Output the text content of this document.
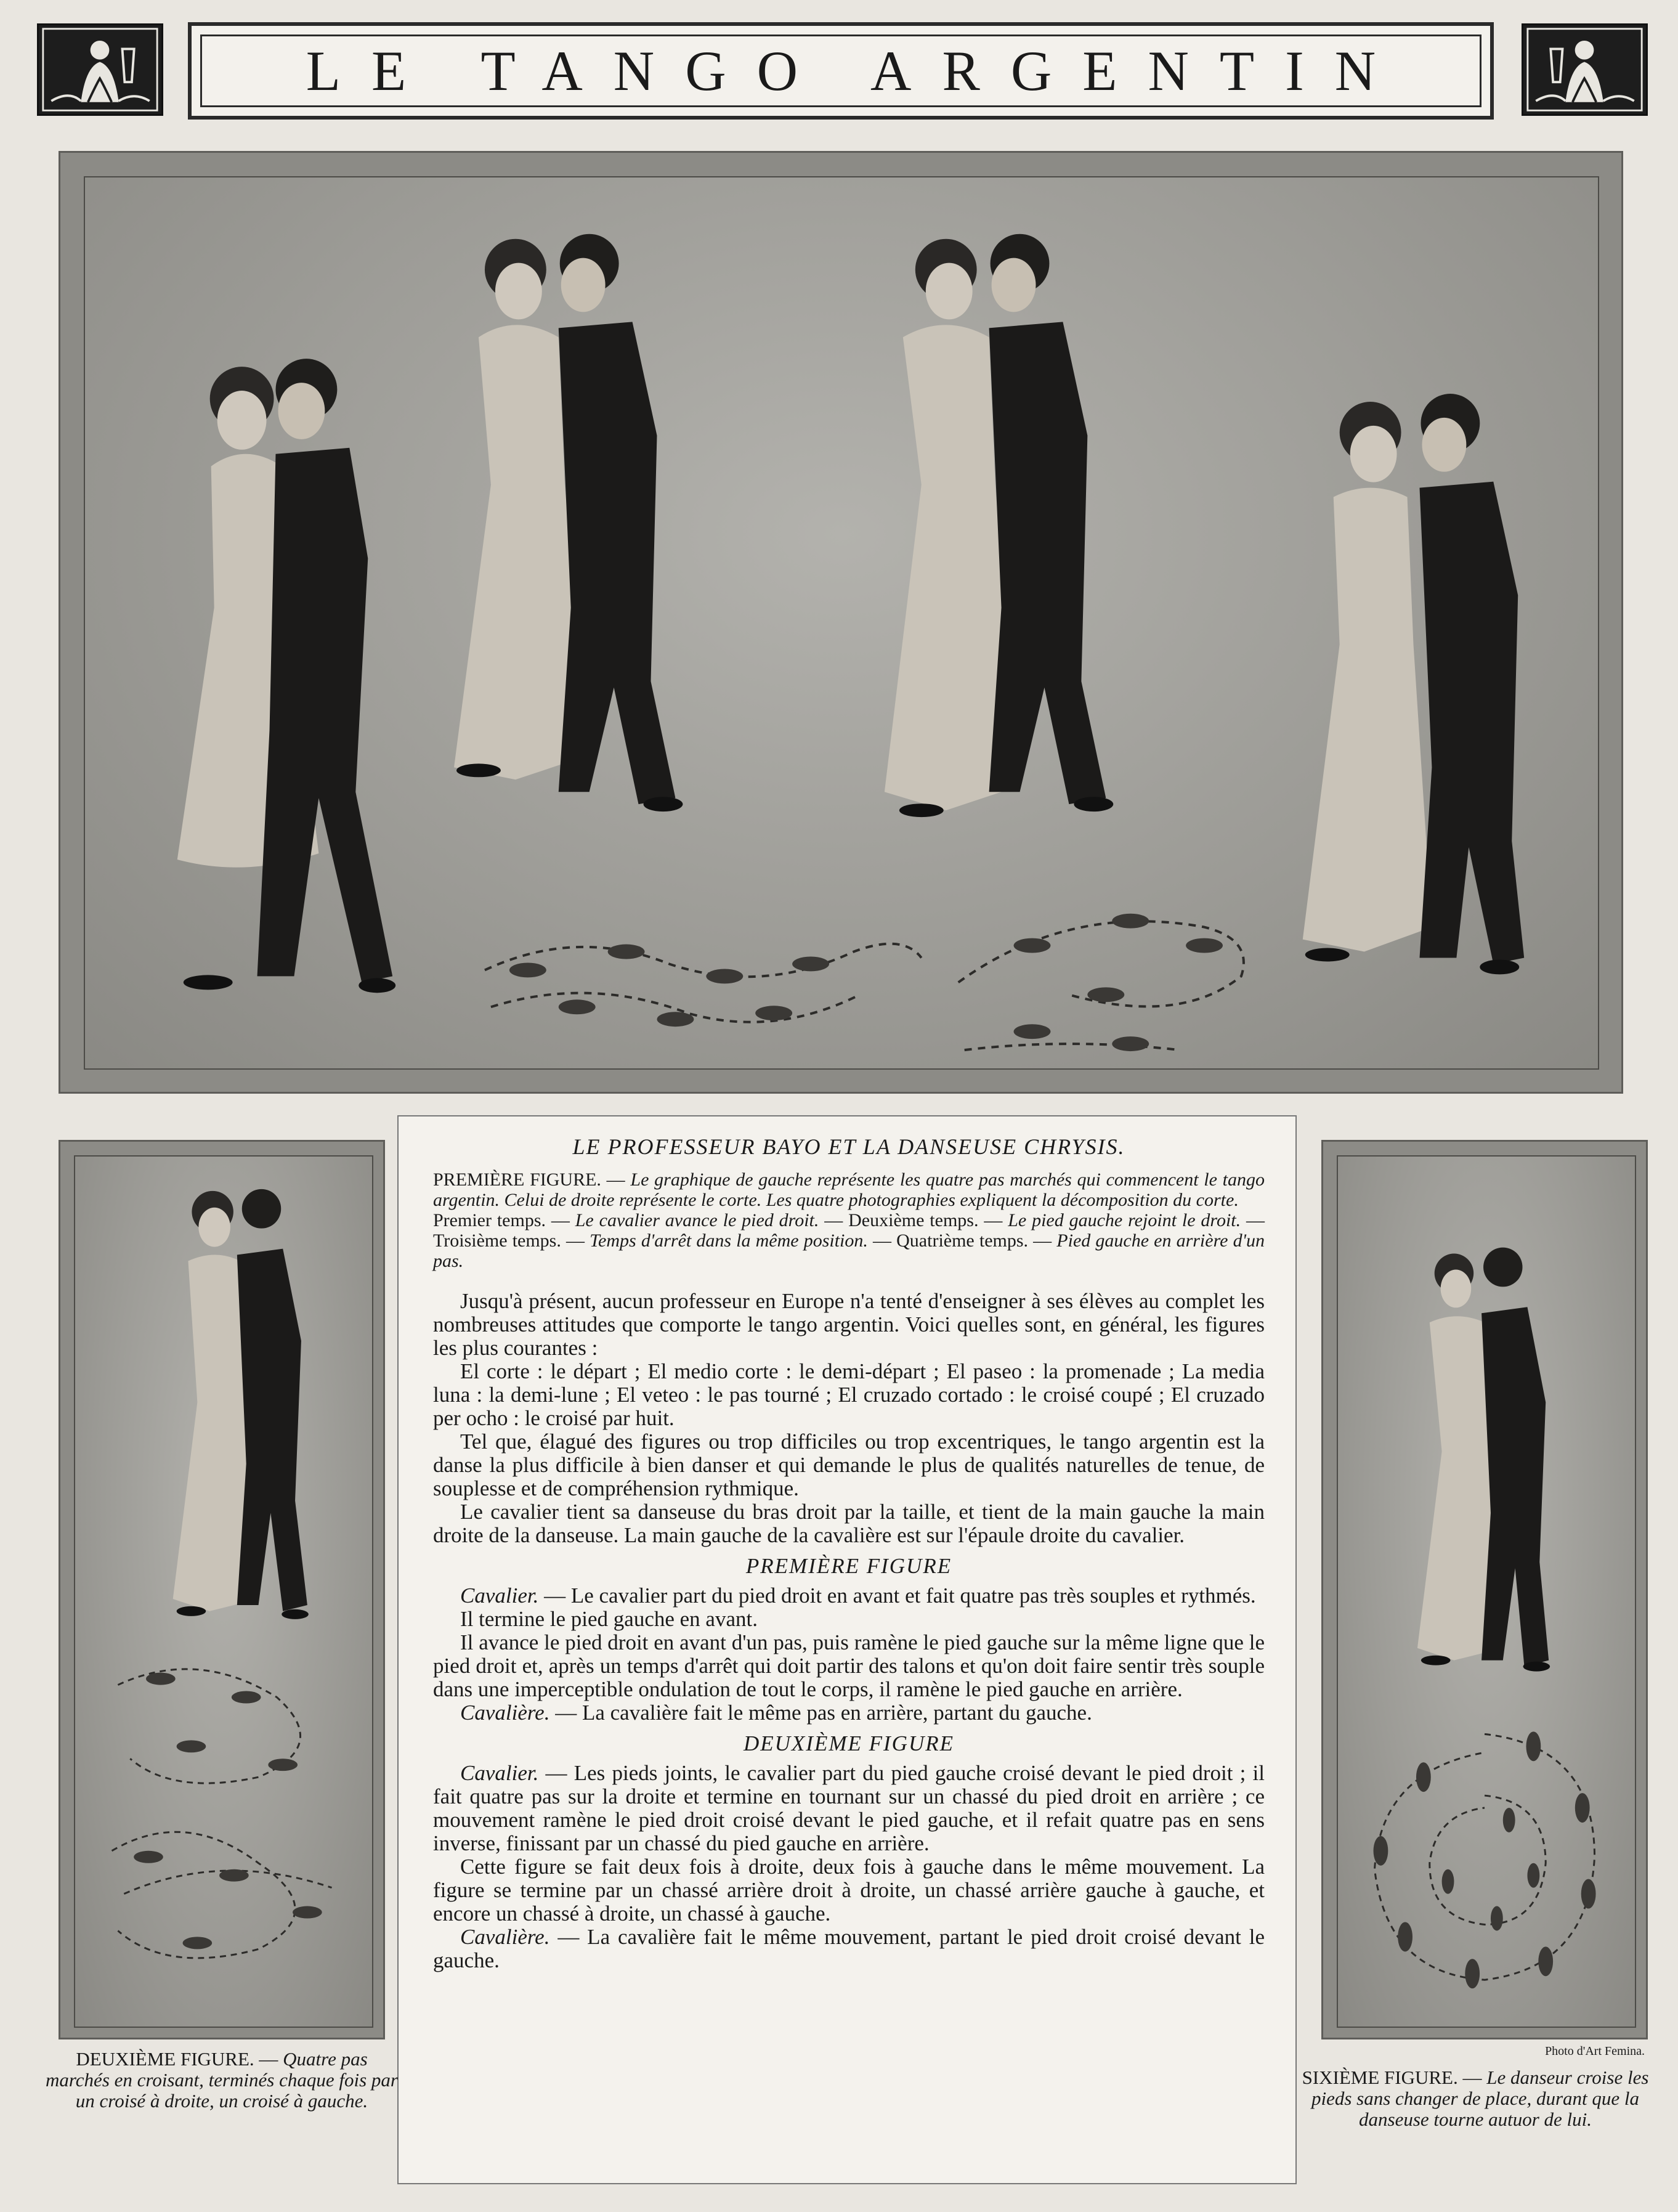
LE TANGO ARGENTIN

LE PROFESSEUR BAYO ET LA DANSEUSE CHRYSIS.

PREMIÈRE FIGURE. — Le graphique de gauche représente les quatre pas marchés qui commencent le tango argentin. Celui de droite représente le corte. Les quatre photographies expliquent la décomposition du corte.

Premier temps. — Le cavalier avance le pied droit. — Deuxième temps. — Le pied gauche rejoint le droit. —Troisième temps. — Temps d'arrêt dans la même position. — Quatrième temps. — Pied gauche en arrière d'un pas.

Jusqu'à présent, aucun professeur en Europe n'a tenté d'enseigner à ses élèves au complet les nombreuses attitudes que comporte le tango argentin. Voici quelles sont, en général, les figures les plus courantes :

El corte : le départ ; El medio corte : le demi-départ ; El paseo : la promenade ; La media luna : la demi-lune ; El veteo : le pas tourné ; El cruzado cortado : le croisé coupé ; El cruzado per ocho : le croisé par huit.

Tel que, élagué des figures ou trop difficiles ou trop excentriques, le tango argentin est la danse la plus difficile à bien danser et qui demande le plus de qualités naturelles de tenue, de souplesse et de compréhension rythmique.

Le cavalier tient sa danseuse du bras droit par la taille, et tient de la main gauche la main droite de la danseuse. La main gauche de la cavalière est sur l'épaule droite du cavalier.

PREMIÈRE FIGURE

Cavalier. — Le cavalier part du pied droit en avant et fait quatre pas très souples et rythmés.

Il termine le pied gauche en avant.

Il avance le pied droit en avant d'un pas, puis ramène le pied gauche sur la même ligne que le pied droit et, après un temps d'arrêt qui doit partir des talons et qu'on doit faire sentir très souple dans une imperceptible ondulation de tout le corps, il ramène le pied gauche en arrière.

Cavalière. — La cavalière fait le même pas en arrière, partant du gauche.

DEUXIÈME FIGURE

Cavalier. — Les pieds joints, le cavalier part du pied gauche croisé devant le pied droit ; il fait quatre pas sur la droite et termine en tournant sur un chassé du pied droit en arrière ; ce mouvement ramène le pied droit croisé devant le pied gauche, et il refait quatre pas en sens inverse, finissant par un chassé du pied gauche en arrière.

Cette figure se fait deux fois à droite, deux fois à gauche dans le même mouvement. La figure se termine par un chassé arrière droit à droite, un chassé arrière gauche à gauche, et encore un chassé à droite, un chassé à gauche.

Cavalière. — La cavalière fait le même mouvement, partant le pied droit croisé devant le gauche.

DEUXIÈME FIGURE. — Quatre pas marchés en croisant, terminés chaque fois par un croisé à droite, un croisé à gauche.
Photo d'Art Femina.
SIXIÈME FIGURE. — Le danseur croise les pieds sans changer de place, durant que la danseuse tourne autuor de lui.
